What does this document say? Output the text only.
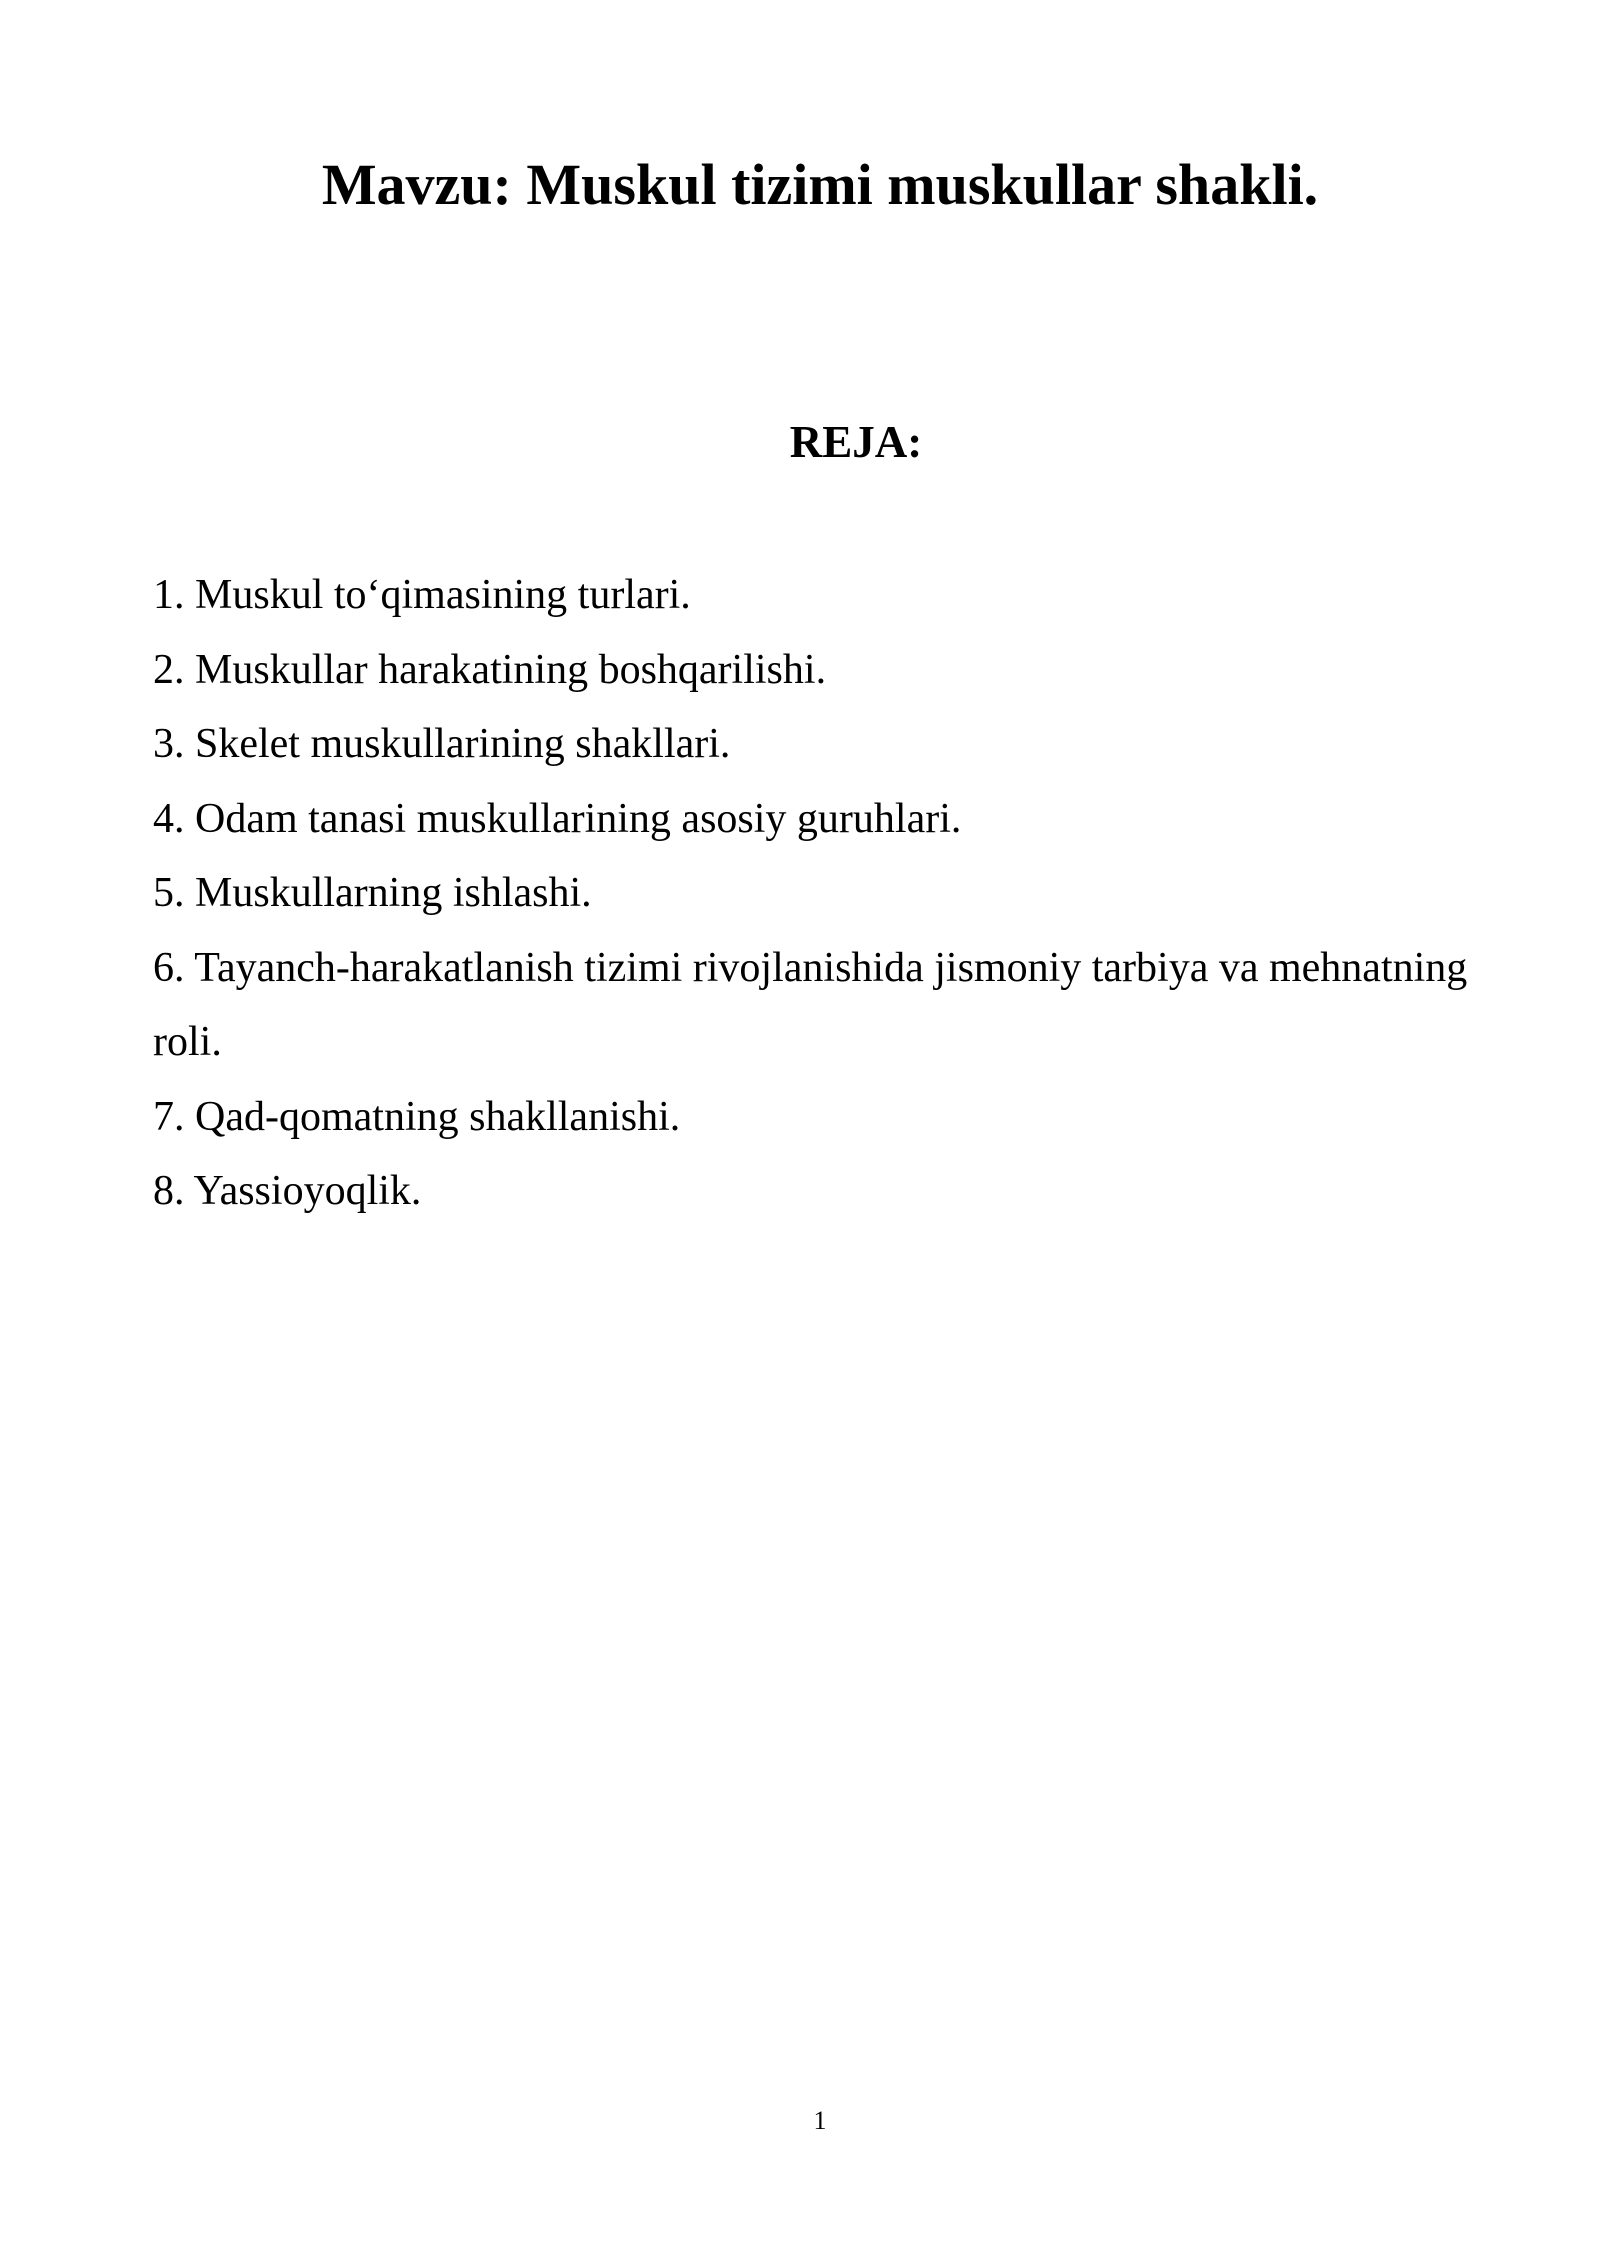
Mavzu: Muskul tizimi muskullar shakli.
REJA:
1. Muskul to‘qimasining turlari.
2. Muskullar harakatining boshqarilishi.
3. Skelet muskullarining shakllari.
4. Odam tanasi muskullarining asosiy guruhlari.
5. Muskullarning ishlashi.
6. Tayanch-harakatlanish tizimi rivojlanishida jismoniy tarbiya va mehnatning roli.
7. Qad-qomatning shakllanishi.
8. Yassioyoqlik.
1
